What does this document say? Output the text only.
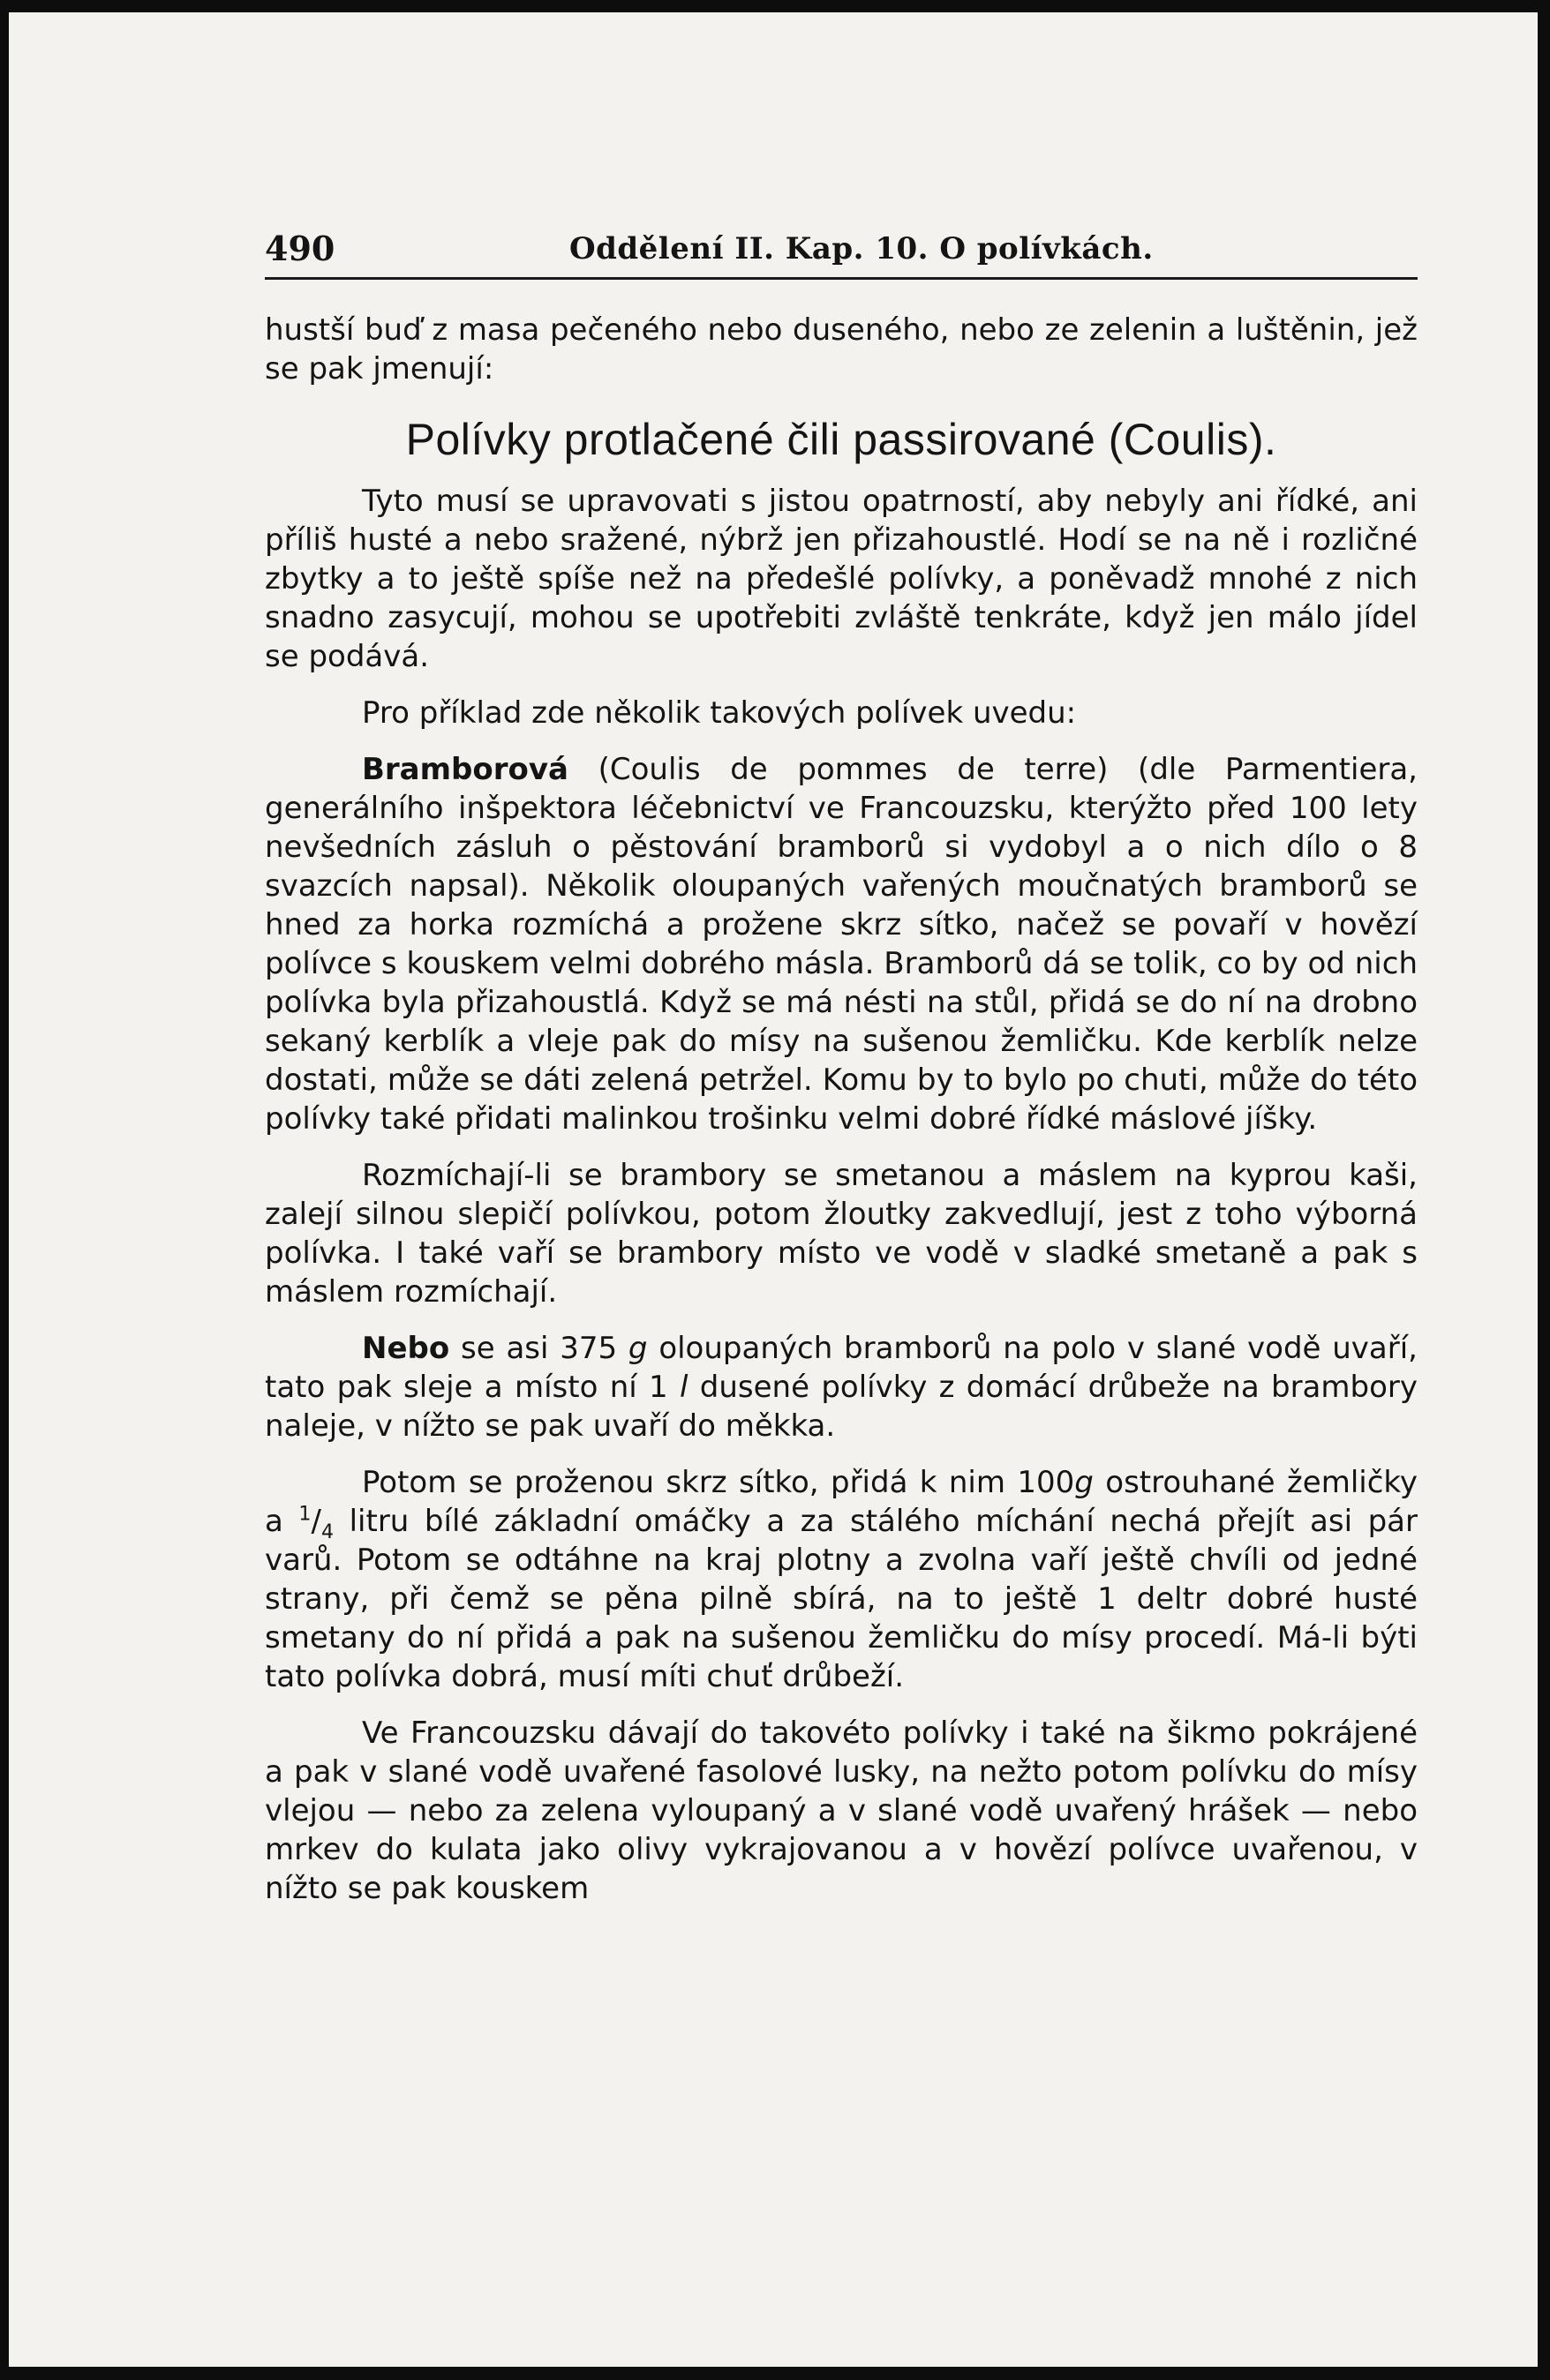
490	Oddělení II. Kap. 10. O polívkách.

hustší buď z masa pečeného nebo duseného, nebo ze zelenin a luštěnin, jež se pak jmenují:

Polívky protlačené čili passirované (Coulis).

Tyto musí se upravovati s jistou opatrností, aby nebyly ani řídké, ani příliš husté a nebo sražené, nýbrž jen přizahoustlé. Hodí se na ně i rozličné zbytky a to ještě spíše než na předešlé polívky, a poněvadž mnohé z nich snadno zasycují, mohou se upotřebiti zvláště tenkráte, když jen málo jídel se podává.

Pro příklad zde několik takových polívek uvedu:

Bramborová (Coulis de pommes de terre) (dle Parmentiera, generálního inšpektora léčebnictví ve Francouzsku, kterýžto před 100 lety nevšedních zásluh o pěstování bramborů si vydobyl a o nich dílo o 8 svazcích napsal). Několik oloupaných vařených moučnatých bramborů se hned za horka rozmíchá a prožene skrz sítko, načež se povaří v hovězí polívce s kouskem velmi dobrého másla. Bramborů dá se tolik, co by od nich polívka byla přizahoustlá. Když se má nésti na stůl, přidá se do ní na drobno sekaný kerblík a vleje pak do mísy na sušenou žemličku. Kde kerblík nelze dostati, může se dáti zelená petržel. Komu by to bylo po chuti, může do této polívky také přidati malinkou trošinku velmi dobré řídké máslové jíšky.

Rozmíchají-li se brambory se smetanou a máslem na kyprou kaši, zalejí silnou slepičí polívkou, potom žloutky zakvedlují, jest z toho výborná polívka. I také vaří se brambory místo ve vodě v sladké smetaně a pak s máslem rozmíchají.

Nebo se asi 375 g oloupaných bramborů na polo v slané vodě uvaří, tato pak sleje a místo ní 1 l dusené polívky z domácí drůbeže na brambory naleje, v nížto se pak uvaří do měkka.

Potom se proženou skrz sítko, přidá k nim 100g ostrouhané žemličky a $^1/_4$ litru bílé základní omáčky a za stálého míchání nechá přejít asi pár varů. Potom se odtáhne na kraj plotny a zvolna vaří ještě chvíli od jedné strany, při čemž se pěna pilně sbírá, na to ještě 1 deltr dobré husté smetany do ní přidá a pak na sušenou žemličku do mísy procedí. Má-li býti tato polívka dobrá, musí míti chuť drůbeží.

Ve Francouzsku dávají do takovéto polívky i také na šikmo pokrájené a pak v slané vodě uvařené fasolové lusky, na nežto potom polívku do mísy vlejou — nebo za zelena vyloupaný a v slané vodě uvařený hrášek — nebo mrkev do kulata jako olivy vykrajovanou a v hovězí polívce uvařenou, v nížto se pak kouskem
